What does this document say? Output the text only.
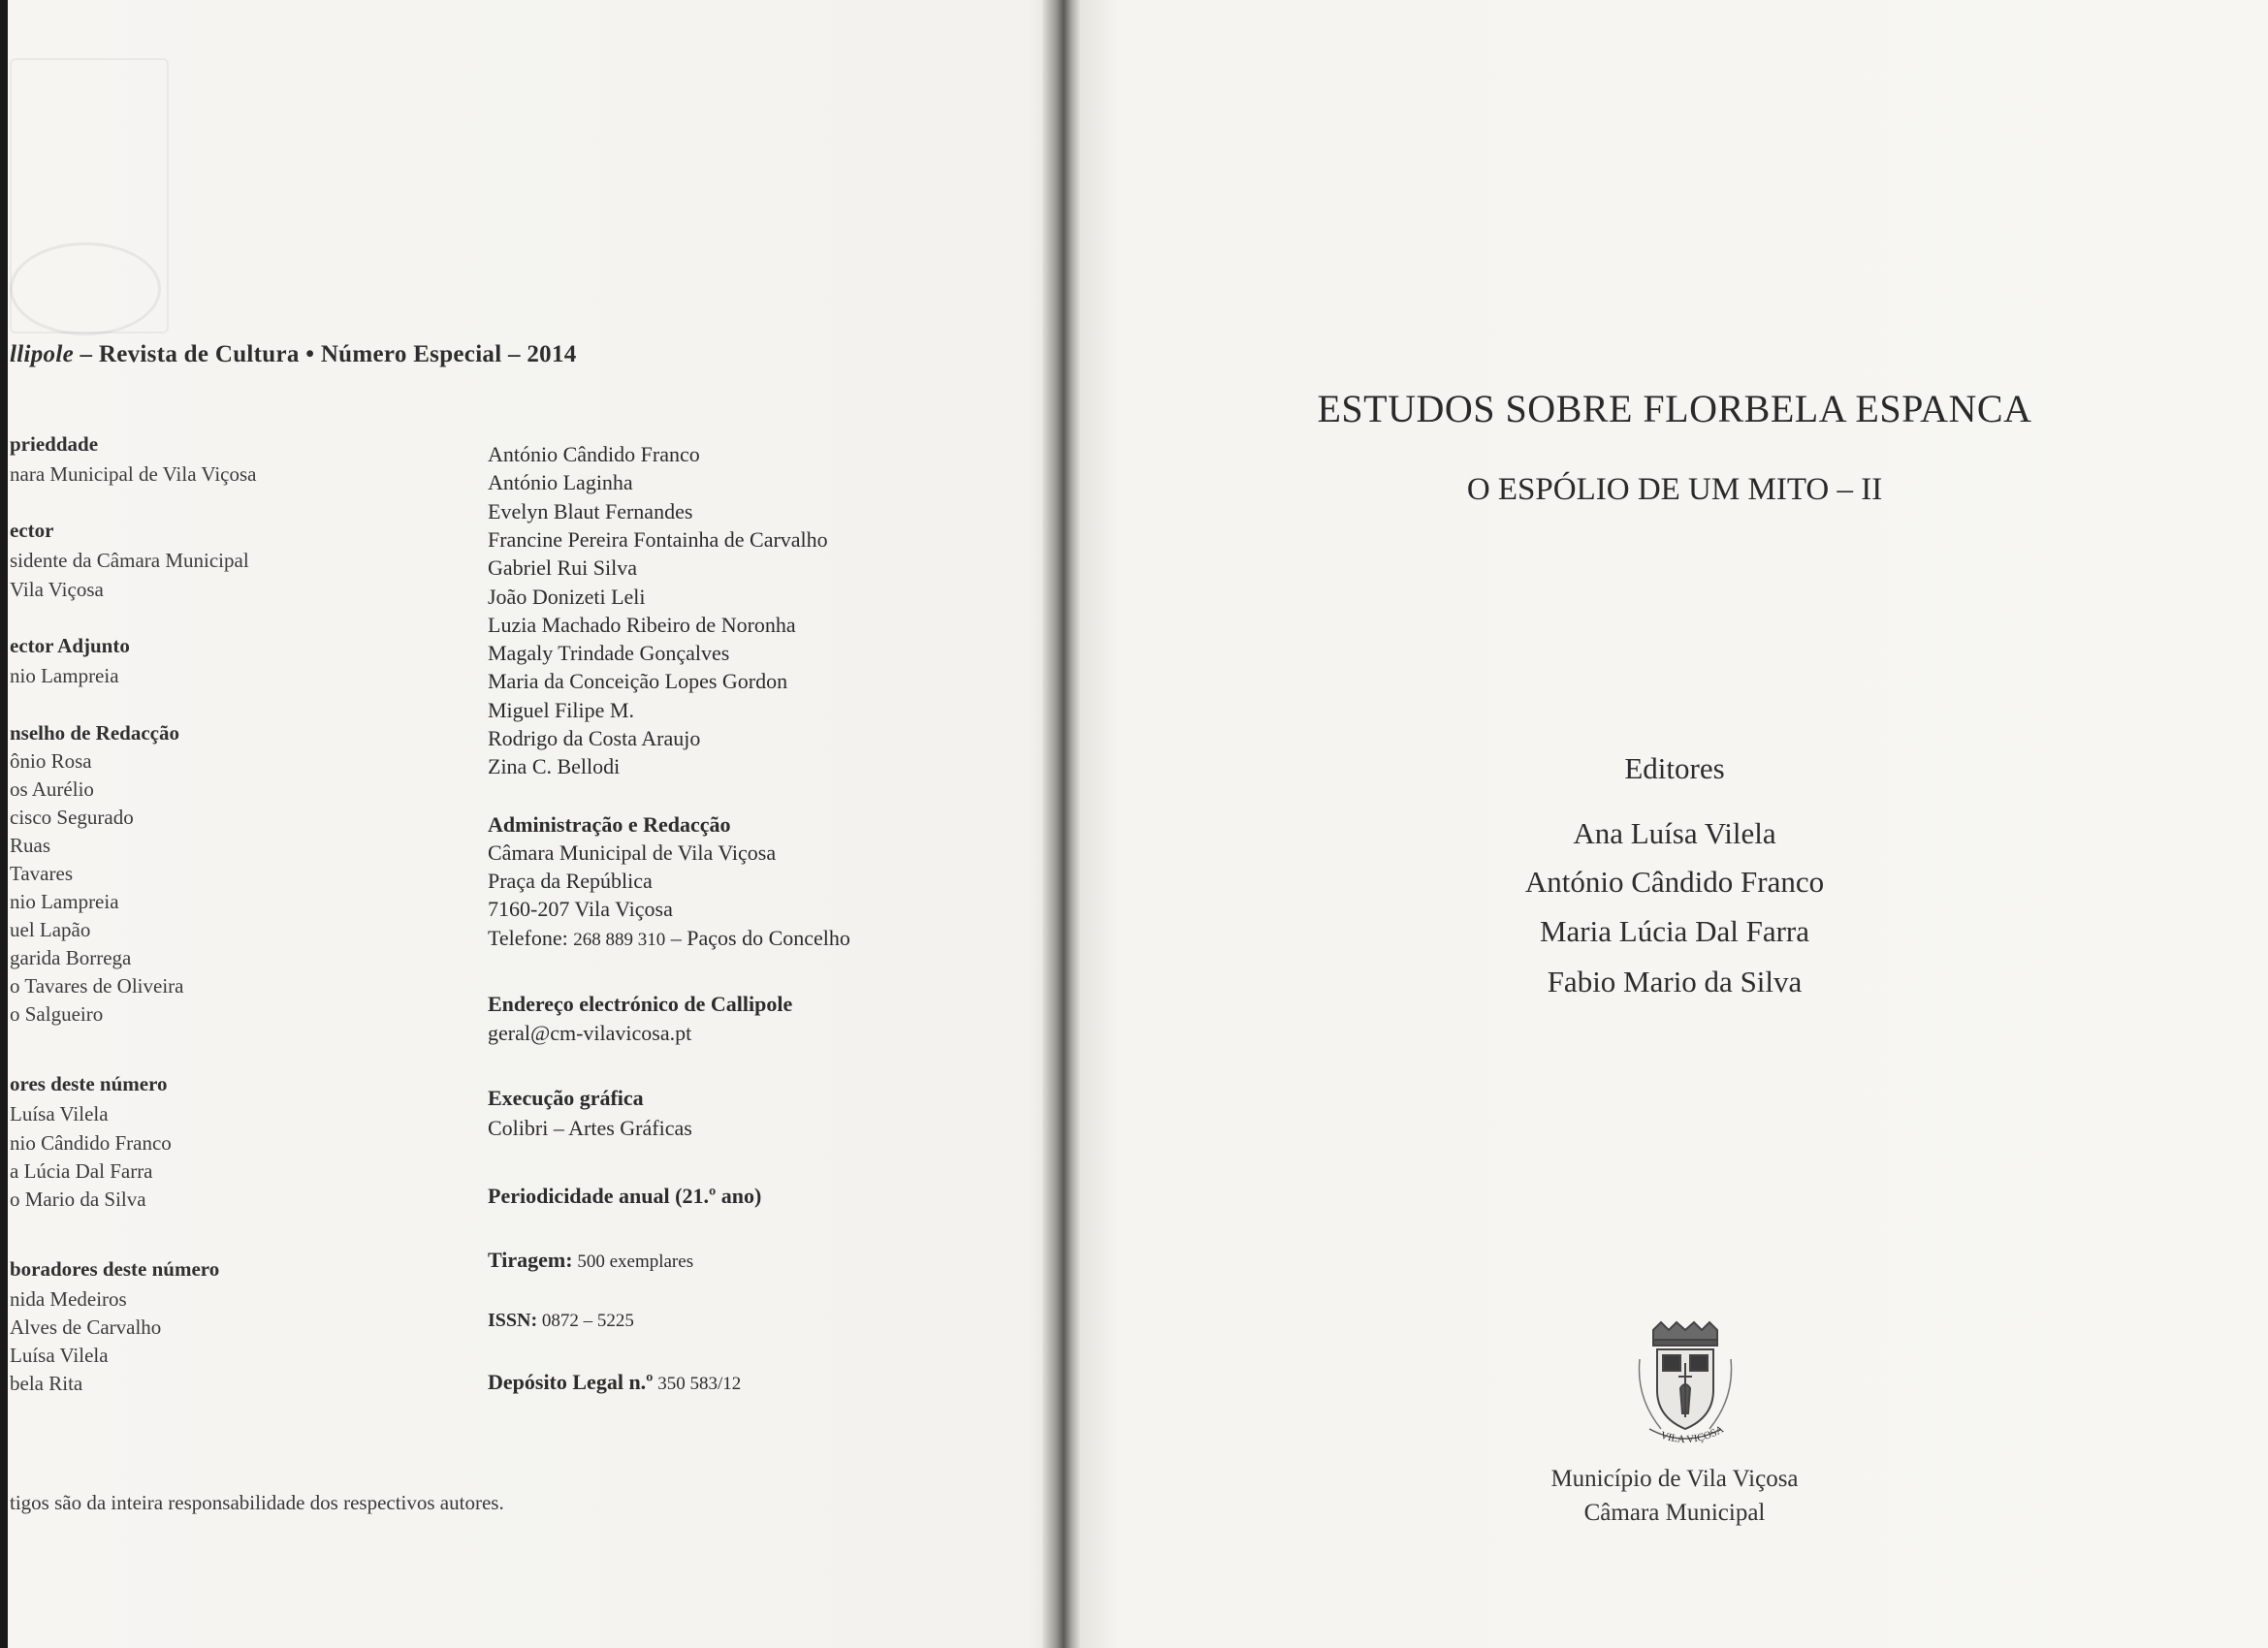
llipole – Revista de Cultura • Número Especial – 2014
prieddade
nara Municipal de Vila Viçosa
ector
sidente da Câmara Municipal
Vila Viçosa
ector Adjunto
nio Lampreia
nselho de Redacção
ônio Rosa
os Aurélio
cisco Segurado
Ruas
Tavares
nio Lampreia
uel Lapão
garida Borrega
o Tavares de Oliveira
o Salgueiro
ores deste número
Luísa Vilela
nio Cândido Franco
a Lúcia Dal Farra
o Mario da Silva
boradores deste número
nida Medeiros
Alves de Carvalho
Luísa Vilela
bela Rita
António Cândido Franco
António Laginha
Evelyn Blaut Fernandes
Francine Pereira Fontainha de Carvalho
Gabriel Rui Silva
João Donizeti Leli
Luzia Machado Ribeiro de Noronha
Magaly Trindade Gonçalves
Maria da Conceição Lopes Gordon
Miguel Filipe M.
Rodrigo da Costa Araujo
Zina C. Bellodi
Administração e Redacção
Câmara Municipal de Vila Viçosa
Praça da República
7160-207 Vila Viçosa
Telefone: 268 889 310 – Paços do Concelho
Endereço electrónico de Callipole
geral@cm-vilavicosa.pt
Execução gráfica
Colibri – Artes Gráficas
Periodicidade anual (21.º ano)
Tiragem: 500 exemplares
ISSN: 0872 – 5225
Depósito Legal n.º 350 583/12
tigos são da inteira responsabilidade dos respectivos autores.
ESTUDOS SOBRE FLORBELA ESPANCA
O ESPÓLIO DE UM MITO – II
Editores
Ana Luísa Vilela
António Cândido Franco
Maria Lúcia Dal Farra
Fabio Mario da Silva
VILA VIÇOSA
Município de Vila Viçosa
Câmara Municipal
